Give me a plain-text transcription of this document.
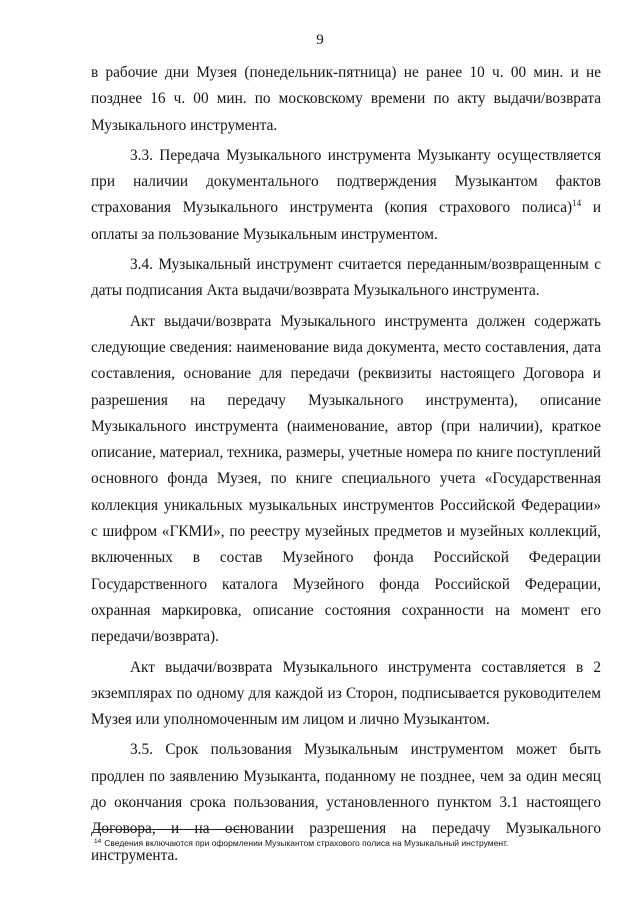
9

в рабочие дни Музея (понедельник-пятница) не ранее 10 ч. 00 мин. и не позднее 16 ч. 00 мин. по московскому времени по акту выдачи/возврата Музыкального инструмента.

3.3. Передача Музыкального инструмента Музыканту осуществляется при наличии документального подтверждения Музыкантом фактов страхования Музыкального инструмента (копия страхового полиса)$^{14}$ и оплаты за пользование Музыкальным инструментом.

3.4. Музыкальный инструмент считается переданным/возвращенным с даты подписания Акта выдачи/возврата Музыкального инструмента.

Акт выдачи/возврата Музыкального инструмента должен содержать следующие сведения: наименование вида документа, место составления, дата составления, основание для передачи (реквизиты настоящего Договора и разрешения на передачу Музыкального инструмента), описание Музыкального инструмента (наименование, автор (при наличии), краткое описание, материал, техника, размеры, учетные номера по книге поступлений основного фонда Музея, по книге специального учета «Государственная коллекция уникальных музыкальных инструментов Российской Федерации» с шифром «ГКМИ», по реестру музейных предметов и музейных коллекций, включенных в состав Музейного фонда Российской Федерации Государственного каталога Музейного фонда Российской Федерации, охранная маркировка, описание состояния сохранности на момент его передачи/возврата).

Акт выдачи/возврата Музыкального инструмента составляется в 2 экземплярах по одному для каждой из Сторон, подписывается руководителем Музея или уполномоченным им лицом и лично Музыкантом.

3.5. Срок пользования Музыкальным инструментом может быть продлен по заявлению Музыканта, поданному не позднее, чем за один месяц до окончания срока пользования, установленного пунктом 3.1 настоящего Договора, и на основании разрешения на передачу Музыкального инструмента.

$^{14}$ Сведения включаются при оформлении Музыкантом страхового полиса на Музыкальный инструмент.
